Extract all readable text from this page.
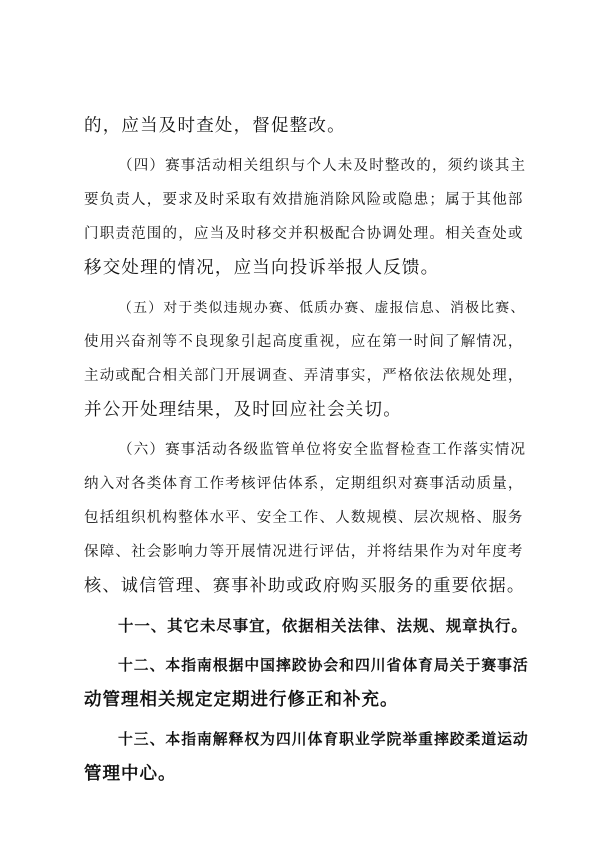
的，应当及时查处，督促整改。
（四）赛事活动相关组织与个人未及时整改的，须约谈其主
要负责人，要求及时采取有效措施消除风险或隐患；属于其他部
门职责范围的，应当及时移交并积极配合协调处理。相关查处或
移交处理的情况，应当向投诉举报人反馈。
（五）对于类似违规办赛、低质办赛、虚报信息、消极比赛、
使用兴奋剂等不良现象引起高度重视，应在第一时间了解情况，
主动或配合相关部门开展调查、弄清事实，严格依法依规处理，
并公开处理结果，及时回应社会关切。
（六）赛事活动各级监管单位将安全监督检查工作落实情况
纳入对各类体育工作考核评估体系，定期组织对赛事活动质量，
包括组织机构整体水平、安全工作、人数规模、层次规格、服务
保障、社会影响力等开展情况进行评估，并将结果作为对年度考
核、诚信管理、赛事补助或政府购买服务的重要依据。
十一、其它未尽事宜，依据相关法律、法规、规章执行。
十二、本指南根据中国摔跤协会和四川省体育局关于赛事活
动管理相关规定定期进行修正和补充。
十三、本指南解释权为四川体育职业学院举重摔跤柔道运动
管理中心。
